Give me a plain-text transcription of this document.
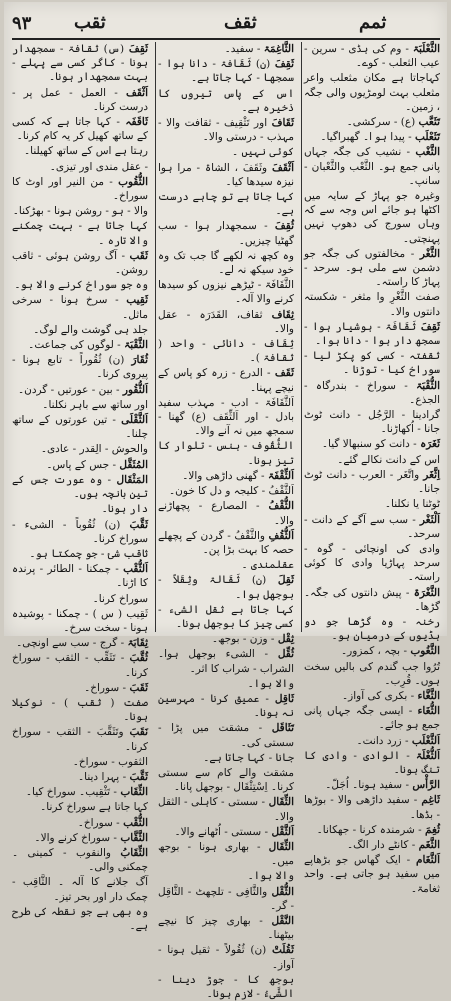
۹۳ ثقب	ثقف	ثمم
الثَّعْلَبَۃ - وم کی ہڈی - سرین - عیب الثعلب - کوے۔
کہاجاتا ہے مکان مثعلب واعر مثعلب بہت لومڑیوں والی جگہ ، زمین۔
تَثَعَّب (ع) - سرکشی۔
تَثَعْلَب - پیدا ہو ا۔ گھبراگیا۔
الثَّغْب - نشیب کی جگہ جہاں پانی جمع ہو۔ الثَّعْب والثَّعْبان - سانپ۔
وغیرہ جو پہاڑ کے سایہ میں اکٹھا ہو جائے اس وجہ سے کہ وہاں سورج کی دھوپ نہیں پہنچتی۔
الثَّغْر - مخالفتوں کی جگہ جو دشمن سے ملی ہو۔ سرحد - پہاڑ کا راستہ۔
صفت الثَّغْرِ وا مثغر - شکستہ دانتوں والا۔
ثَقِفَ ثَقَافَۃ - ہوشیار ہوا - سمجھ دار ہوا - دانا ہوا۔
ثقفتہ - کسی کو پکڑ لیا - سوراخ کیا - توڑنا ۔
الثُّقْبَۃ - سوراخ - بندرگاہ - الجذع۔
گرادینا - الرَّجُل - دانت ٹوٹ جانا - اُکھاڑنا۔
ثَغَرَہ - دانت کو سنبھالا گیا۔
اس کے دانت نکالے گئے۔
اِثَّغَر واتَّغَر - العرب - دانت ٹوٹ جانا۔
ٹوٹنا یا نکلنا۔
اَلْثَغْر - سب سے آگے کے دانت - سرحد۔
وادی کی اونچائی - گوہ - سرحد پہاڑیا وادی کا کوئی راستہ۔
الثَّغْرَۃ - پیش دانتوں کی جگہ۔ گڑھا۔
رخنہ - وہ گڑھا جو دو ہڈیوں کے درمیان ہو۔
الثَّغُوب - بچہ ، کمزور۔
تُرُوا جب گندم کی بالیں سخت ہوں۔ قُرِب۔
الثَّغَّاء - بکری کی آواز۔
الثُّغَاء - ایسی جگہ جہاں پانی جمع ہو جائے۔
اَلثَّغْلَب - زرد دانت۔
اَلثُّغْلَۃ - الوادی - وادی کا تنگ ہونا۔
الرَّأْس - سفید ہونا۔ اُجَلّ۔
ثَاغِم - سفید داڑھی والا - بوڑھا - بڈھا۔
ثُغِمَ - شرمندہ کرنا - جھکانا۔
الثَّغَم - کانٹے دار الگ۔
اَلثَّغَام - ایک گھاس جو بڑھاپے میں سفید ہو جاتی ہے۔ واحد ثغامۃ۔
الثَّاغِمَۃ - سفید۔
ثَقِفَ (ن) ثَقَافۃ - دانا ہوا - سمجھا - کہا جاتا ہے۔
اس کے پاس تیروں کا ذخیرہ ہے۔
ثَقَافَ اور تَثْقِیف - ثقافت والا - مہذب - درستی والا۔
کوئی نہیں ۔
اَثْقَفَ وثَقَفَ ، الشاۃ - مرا ہوا نیزہ سیدھا کیا۔
کہا جاتا ہے تو چاہے درست ہے۔
ثُقِفَ - سمجھدار ہوا - سب گھٹیا چیزیں۔
وہ کچھ نہ لکھے گا جب تک وہ خود سیکھ نہ لے۔
الثَّقَافَۃ - ٹیڑھے نیزوں کو سیدھا کرنے والا آلہ۔
ثِقَاف ثقاف، القَدَرَہ - عقل والا۔
ثِقَاف - دانائی - واحد ( ثقافۃ )۔
ثَقَف - الدرع - زرہ کو پاس کے نیچے پہنا۔
اَلثَّقَافَۃ - ادب - مہذب سفید بادل - اور اَلثِّقَف (ع) گھنا - سمجھ میں نہ آنے والا۔
الثُّقُوف - ہنس - تلوار کا تیز ہونا۔
اَلثِّقْفَۃ - گھنی داڑھی والا۔
اَلثَّقْفُ - کلیجہ و دل کا خون۔
الثُّقْفُ - المصارع - پچھاڑنے والا۔
اَلثُّقُفِ والثَّقْفُ - گردن کے پچھلے حصہ کا بہت بڑا پن۔
عقلمندی ۔
ثَقِلَ (ن) ثَقَالۃ وثِقَلاً - بوجھل ہوا۔
کہا جاتا ہے ثقل الشیء - کسی چیز کا بوجھل ہونا۔
ثِقْل - وزن - بوجھ۔
ثُقِّل - الشیء بوجھل ہوا۔ الشراب - شراب کا اثر۔
والا ہوا۔
ثَاقِل - عمیق کرنا - مہرسین نہ ہونا۔
تَثَاقَل - مشقت میں پڑا - سستی کی۔
جانا - کہا جاتا ہے۔
مشقت والے کام سے سستی کرنا۔ اِسْتِثْقَال - بوجھل پانا۔
الثِّقَال - سستی - کاہلی - الثقل والا۔
اَلثَّقْل - سستی - اُٹھانے والا۔
الثِّقَال - بھاری ہونا - بوجھ میں۔
والا ہوا۔
الثُّقْل والثَّافِی - تلچھٹ - الثَّاقِل - گر۔
النَّقْل - بھاری چیز کا نیچے بیٹھنا۔
ثَقُلَتْ (ن) ثُقُولاً - ثقیل ہونا - آواز۔
بوجھ کا - جوڑ دینا - الشَّیءُ - لازم ہونا۔
ثَقِفَ (س) ثقافۃ - سمجھدار ہونا - کاگر کسی سے پہلے - بہت سمجھدار ہونا۔
اَثْقَف - العمل - عمل پر - درست کرنا۔
ثَاقَفَہ - کہا جاتا ہے کہ کسی کے ساتھ کھیل کر یہ کام کرنا۔
رہتا ہے اس کے ساتھ کھیلنا۔
- عقل مندی اور تیزی۔
الثُّقُوب - من النیر اور اوٹ کا سوراخ۔
والا - ہو - روشن ہونا - بھڑکنا۔
کہا جاتا ہے - بہت چمکنے والا تارہ ۔
ثَقَب - آگ روشن ہوئی - ثاقب روشن۔
وہ جو سوراخ کرنے والا ہو۔
ثَقِیب - سرخ ہونا - سرخی ماثل۔
جلد ہی گوشت والے لوگ۔
الثَّقْبَۃ - لوگوں کی جماعت۔
ثُقَارَ (ن) ثُقُوراً - تابع ہونا - پیروی کرنا۔
اَلثُّقُور - بین - عورتیں - گردن۔
اور ساتھ سے باہر نکلنا۔
اَلثَّقْلَی - تین عورتوں کے ساتھ چلنا۔
والحوش - الِقدر - عادی۔
المُثَقَّل - جس کے پاس۔
المَثْقَال - وہ عورت جس کے تین بانچہ ہوں۔
دار ہونا۔
ثَقَّبَ (ن) ثُقُوباً - الشیء - سوراخ کرنا۔
ثاقب شئ - جو چمکتا ہو۔
اَلثُّقْب - چمکنا - الطائر - پرندہ کا اڑنا۔
سوراخ کرنا۔
ثَقِیب ( س ) - چمکنا - پوشیدہ ہونا - سخت سرخ۔
ثِقَابَۃ - گرج - سب سے اونچی۔
ثُقَّبَ - تَثَقِّب - الثقب - سوراخ کرنا۔
ثَقَبَ - سوراخ۔
صفت ( ثقب ) - نوکیلا ہونا۔
نَقَبَ وتَثَقَّبَ - الثقب - سوراخ کرنا۔
الثقوب - سوراخ۔
ثَقَّبَ - پہرا دینا۔
الثِّقَاب - تَثْقِیب۔ سوراخ کیا۔
کہا جاتا ہے سوراخ کرنا۔
الثُّقْب - سوراخ۔
الثَّقَّاب - سوراخ کرنے والا۔
الثِّقَابُ والنقوب - کمینی ۔ چمکنی والی۔
آگ جلانے کا آلہ ۔ الثَّاقِب - چمک دار اور بحر تیز۔
وہ بھی ہے جو نقطہ کی طرح ہے۔
